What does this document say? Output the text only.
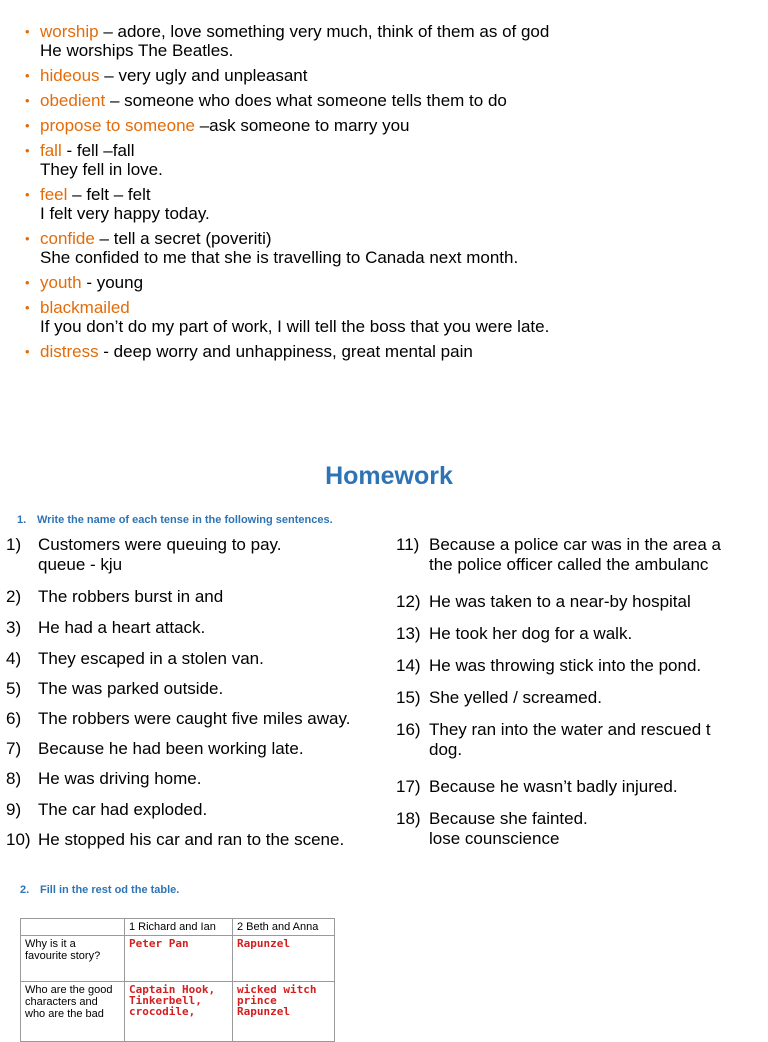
• worship – adore, love something very much, think of them as of god
He worships The Beatles.
• hideous – very ugly and unpleasant
• obedient – someone who does what someone tells them to do
• propose to someone –ask someone to marry you
• fall - fell –fall
They fell in love.
• feel – felt – felt
I felt very happy today.
• confide – tell a secret (poveriti)
She confided to me that she is travelling to Canada next month.
• youth - young
• blackmailed
If you don’t do my part of work, I will tell the boss that you were late.
• distress - deep worry and unhappiness, great mental pain
Homework
1. Write the name of each tense in the following sentences.
1) Customers were queuing to pay.
queue - kju
2) The robbers burst in and
3) He had a heart attack.
4) They escaped in a stolen van.
5) The was parked outside.
6) The robbers were caught five miles away.
7) Because he had been working late.
8) He was driving home.
9) The car had exploded.
10) He stopped his car and ran to the scene.
11) Because a police car was in the area a
the police officer called the ambulanc
12) He was taken to a near-by hospital
13) He took her dog for a walk.
14) He was throwing stick into the pond.
15) She yelled / screamed.
16) They ran into the water and rescued t
dog.
17) Because he wasn’t badly injured.
18) Because she fainted.
lose counscience
2. Fill in the rest od the table.
	1 Richard and Ian	2 Beth and Anna
Why is it a favourite story?	Peter Pan	Rapunzel
Who are the good characters and who are the bad	Captain Hook, Tinkerbell, crocodile,	wicked witch prince Rapunzel
